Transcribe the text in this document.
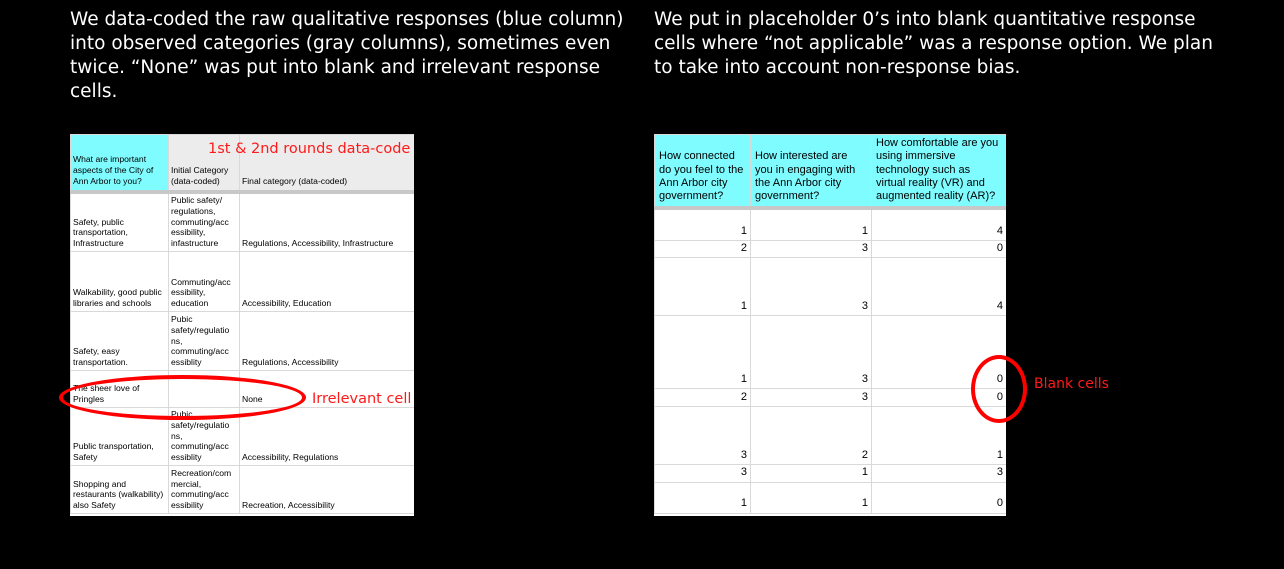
We data-coded the raw qualitative responses (blue column) into observed categories (gray columns), sometimes even twice. “None” was put into blank and irrelevant response cells.
We put in placeholder 0’s into blank quantitative response cells where “not applicable” was a response option. We plan to take into account non-response bias.
What are important aspects of the City of Ann Arbor to you?	Initial Category (data-coded)	Final category (data-coded)
Safety, public transportation, Infrastructure	Public safety/ regulations, commuting/acc essibility, infastructure	Regulations, Accessibility, Infrastructure
Walkability, good public libraries and schools	Commuting/acc essibility, education	Accessibility, Education
Safety, easy transportation.	Pubic safety/regulatio ns, commuting/acc essiblity	Regulations, Accessibility
The sheer love of Pringles		None
Public transportation, Safety	Pubic safety/regulatio ns, commuting/acc essiblity	Accessibility, Regulations
Shopping and restaurants (walkability) also Safety	Recreation/com mercial, commuting/acc essibility	Recreation, Accessibility
How connected do you feel to the Ann Arbor city government?	How interested are you in engaging with the Ann Arbor city government?	How comfortable are you using immersive technology such as virtual reality (VR) and augmented reality (AR)?
1	1	4
2	3	0
1	3	4
1	3	0
2	3	0
3	2	1
3	1	3
1	1	0
1st & 2nd rounds data-code
Irrelevant cell
Blank cells
